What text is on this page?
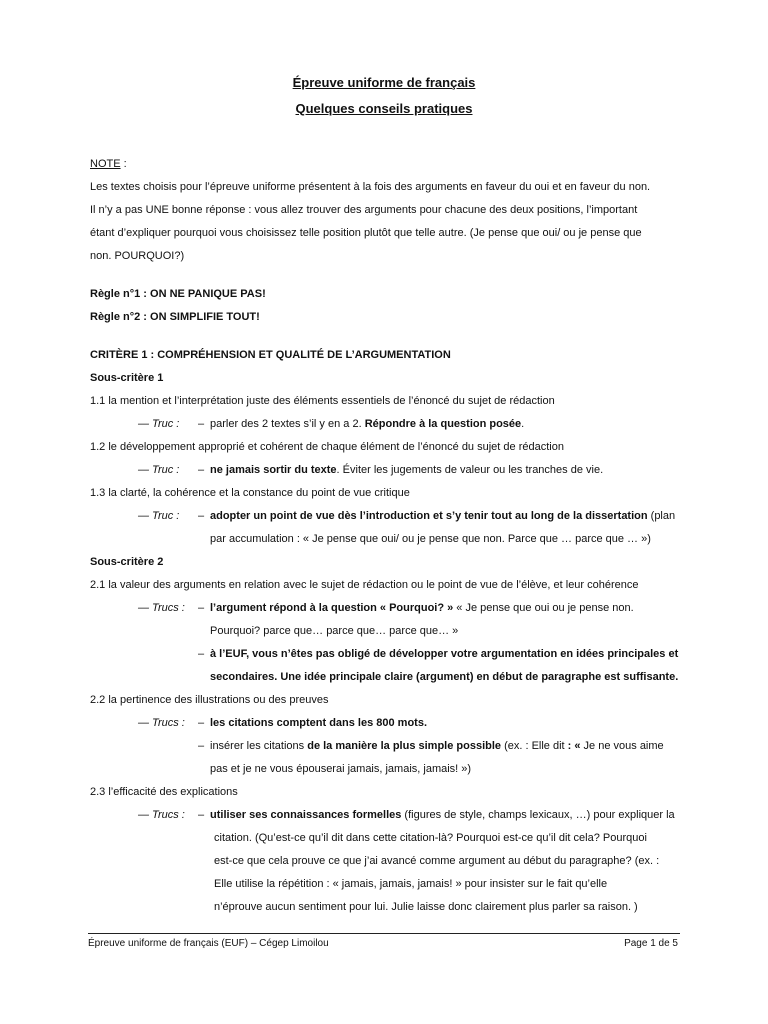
Épreuve uniforme de français
Quelques conseils pratiques
NOTE :
Les textes choisis pour l’épreuve uniforme présentent à la fois des arguments en faveur du oui et en faveur du non.
Il n’y a pas UNE bonne réponse : vous allez trouver des arguments pour chacune des deux positions, l’important
étant d’expliquer pourquoi vous choisissez telle position plutôt que telle autre. (Je pense que oui/ ou je pense que
non. POURQUOI?)
Règle n°1 : ON NE PANIQUE PAS!
Règle n°2 : ON SIMPLIFIE TOUT!
CRITÈRE 1 : COMPRÉHENSION ET QUALITÉ DE L’ARGUMENTATION
Sous-critère 1
1.1 la mention et l’interprétation juste des éléments essentiels de l’énoncé du sujet de rédaction
— Truc : – parler des 2 textes s’il y en a 2. Répondre à la question posée.
1.2 le développement approprié et cohérent de chaque élément de l’énoncé du sujet de rédaction
— Truc : – ne jamais sortir du texte. Éviter les jugements de valeur ou les tranches de vie.
1.3 la clarté, la cohérence et la constance du point de vue critique
— Truc : – adopter un point de vue dès l’introduction et s’y tenir tout au long de la dissertation (plan
par accumulation : « Je pense que oui/ ou je pense que non. Parce que … parce que … »)
Sous-critère 2
2.1 la valeur des arguments en relation avec le sujet de rédaction ou le point de vue de l’élève, et leur cohérence
— Trucs : – l’argument répond à la question « Pourquoi? » « Je pense que oui ou je pense non.
Pourquoi? parce que… parce que… parce que… »
– à l’EUF, vous n’êtes pas obligé de développer votre argumentation en idées principales et
secondaires. Une idée principale claire (argument) en début de paragraphe est suffisante.
2.2 la pertinence des illustrations ou des preuves
— Trucs : – les citations comptent dans les 800 mots.
– insérer les citations de la manière la plus simple possible (ex. : Elle dit : « Je ne vous aime
pas et je ne vous épouserai jamais, jamais, jamais! »)
2.3 l’efficacité des explications
— Trucs : – utiliser ses connaissances formelles (figures de style, champs lexicaux, …) pour expliquer la
citation. (Qu’est-ce qu’il dit dans cette citation-là? Pourquoi est-ce qu’il dit cela? Pourquoi
est-ce que cela prouve ce que j’ai avancé comme argument au début du paragraphe? (ex. :
Elle utilise la répétition : « jamais, jamais, jamais! » pour insister sur le fait qu’elle
n’éprouve aucun sentiment pour lui. Julie laisse donc clairement plus parler sa raison. )
Épreuve uniforme de français (EUF) – Cégep Limoilou	Page 1 de 5
